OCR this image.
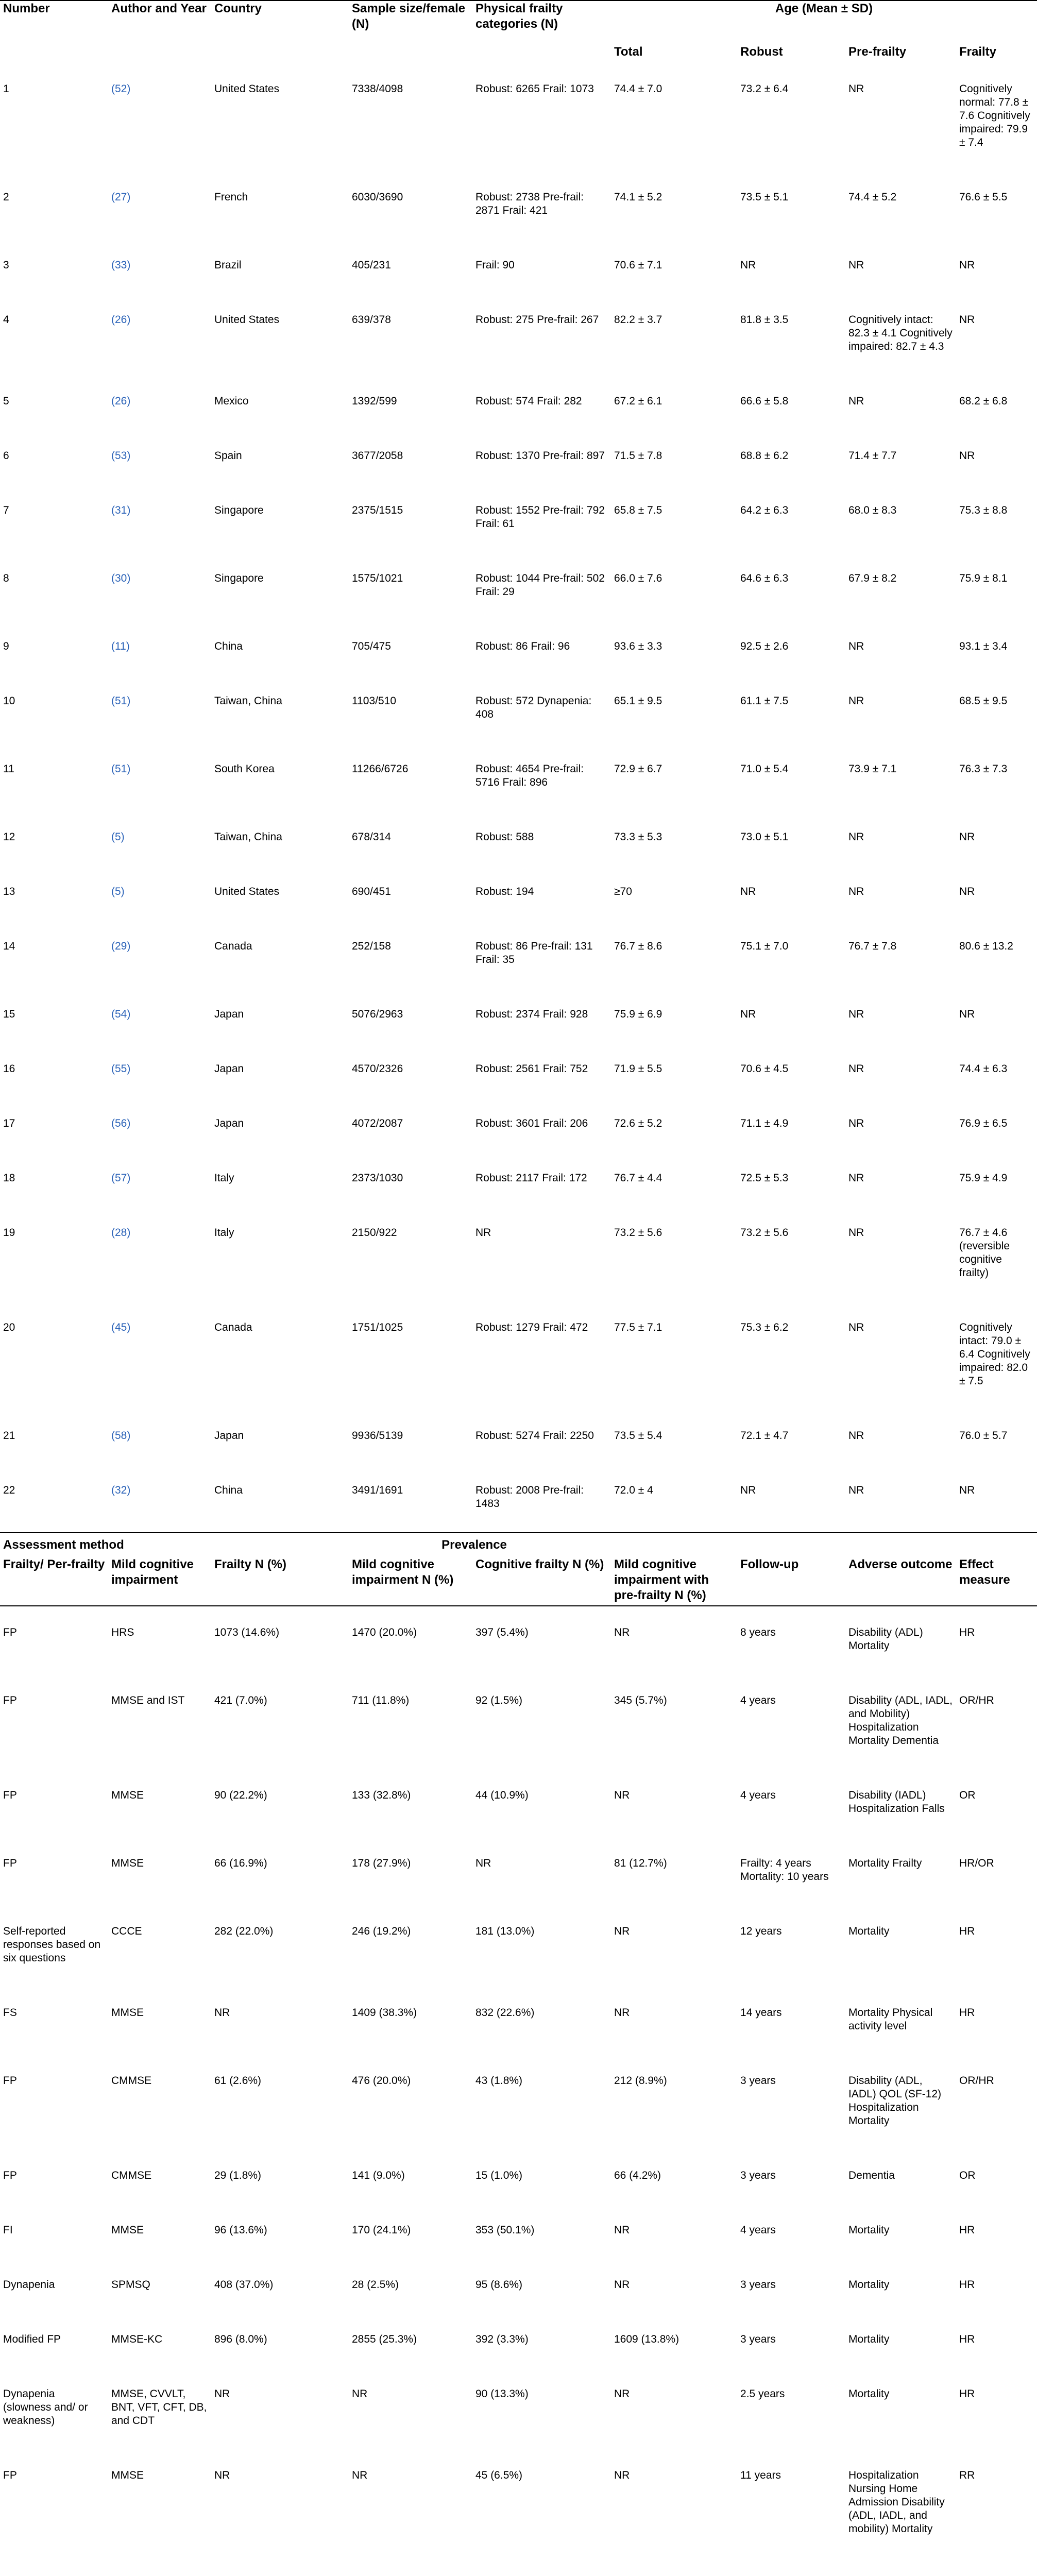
Number	Author and Year	Country	Sample size/female (N)	Physical frailty categories (N)	Age (Mean ± SD)			
					Total	Robust	Pre-frailty	Frailty
1	(52)	United States	7338/4098	Robust: 6265 Frail: 1073	74.4 ± 7.0	73.2 ± 6.4	NR	Cognitively normal: 77.8 ± 7.6 Cognitively impaired: 79.9 ± 7.4
2	(27)	French	6030/3690	Robust: 2738 Pre-frail: 2871 Frail: 421	74.1 ± 5.2	73.5 ± 5.1	74.4 ± 5.2	76.6 ± 5.5
3	(33)	Brazil	405/231	Frail: 90	70.6 ± 7.1	NR	NR	NR
4	(26)	United States	639/378	Robust: 275 Pre-frail: 267	82.2 ± 3.7	81.8 ± 3.5	Cognitively intact: 82.3 ± 4.1 Cognitively impaired: 82.7 ± 4.3	NR
5	(26)	Mexico	1392/599	Robust: 574 Frail: 282	67.2 ± 6.1	66.6 ± 5.8	NR	68.2 ± 6.8
6	(53)	Spain	3677/2058	Robust: 1370 Pre-frail: 897	71.5 ± 7.8	68.8 ± 6.2	71.4 ± 7.7	NR
7	(31)	Singapore	2375/1515	Robust: 1552 Pre-frail: 792 Frail: 61	65.8 ± 7.5	64.2 ± 6.3	68.0 ± 8.3	75.3 ± 8.8
8	(30)	Singapore	1575/1021	Robust: 1044 Pre-frail: 502 Frail: 29	66.0 ± 7.6	64.6 ± 6.3	67.9 ± 8.2	75.9 ± 8.1
9	(11)	China	705/475	Robust: 86 Frail: 96	93.6 ± 3.3	92.5 ± 2.6	NR	93.1 ± 3.4
10	(51)	Taiwan, China	1103/510	Robust: 572 Dynapenia: 408	65.1 ± 9.5	61.1 ± 7.5	NR	68.5 ± 9.5
11	(51)	South Korea	11266/6726	Robust: 4654 Pre-frail: 5716 Frail: 896	72.9 ± 6.7	71.0 ± 5.4	73.9 ± 7.1	76.3 ± 7.3
12	(5)	Taiwan, China	678/314	Robust: 588	73.3 ± 5.3	73.0 ± 5.1	NR	NR
13	(5)	United States	690/451	Robust: 194	≥70	NR	NR	NR
14	(29)	Canada	252/158	Robust: 86 Pre-frail: 131 Frail: 35	76.7 ± 8.6	75.1 ± 7.0	76.7 ± 7.8	80.6 ± 13.2
15	(54)	Japan	5076/2963	Robust: 2374 Frail: 928	75.9 ± 6.9	NR	NR	NR
16	(55)	Japan	4570/2326	Robust: 2561 Frail: 752	71.9 ± 5.5	70.6 ± 4.5	NR	74.4 ± 6.3
17	(56)	Japan	4072/2087	Robust: 3601 Frail: 206	72.6 ± 5.2	71.1 ± 4.9	NR	76.9 ± 6.5
18	(57)	Italy	2373/1030	Robust: 2117 Frail: 172	76.7 ± 4.4	72.5 ± 5.3	NR	75.9 ± 4.9
19	(28)	Italy	2150/922	NR	73.2 ± 5.6	73.2 ± 5.6	NR	76.7 ± 4.6 (reversible cognitive frailty)
20	(45)	Canada	1751/1025	Robust: 1279 Frail: 472	77.5 ± 7.1	75.3 ± 6.2	NR	Cognitively intact: 79.0 ± 6.4 Cognitively impaired: 82.0 ± 7.5
21	(58)	Japan	9936/5139	Robust: 5274 Frail: 2250	73.5 ± 5.4	72.1 ± 4.7	NR	76.0 ± 5.7
22	(32)	China	3491/1691	Robust: 2008 Pre-frail: 1483	72.0 ± 4	NR	NR	NR
Assessment method		Prevalence						
Frailty/ Per-frailty	Mild cognitive impairment	Frailty N (%)	Mild cognitive impairment N (%)	Cognitive frailty N (%)	Mild cognitive impairment with pre-frailty N (%)	Follow-up	Adverse outcome	Effect measure
FP	HRS	1073 (14.6%)	1470 (20.0%)	397 (5.4%)	NR	8 years	Disability (ADL) Mortality	HR
FP	MMSE and IST	421 (7.0%)	711 (11.8%)	92 (1.5%)	345 (5.7%)	4 years	Disability (ADL, IADL, and Mobility) Hospitalization Mortality Dementia	OR/HR
FP	MMSE	90 (22.2%)	133 (32.8%)	44 (10.9%)	NR	4 years	Disability (IADL) Hospitalization Falls	OR
FP	MMSE	66 (16.9%)	178 (27.9%)	NR	81 (12.7%)	Frailty: 4 years Mortality: 10 years	Mortality Frailty	HR/OR
Self-reported responses based on six questions	CCCE	282 (22.0%)	246 (19.2%)	181 (13.0%)	NR	12 years	Mortality	HR
FS	MMSE	NR	1409 (38.3%)	832 (22.6%)	NR	14 years	Mortality Physical activity level	HR
FP	CMMSE	61 (2.6%)	476 (20.0%)	43 (1.8%)	212 (8.9%)	3 years	Disability (ADL, IADL) QOL (SF-12) Hospitalization Mortality	OR/HR
FP	CMMSE	29 (1.8%)	141 (9.0%)	15 (1.0%)	66 (4.2%)	3 years	Dementia	OR
FI	MMSE	96 (13.6%)	170 (24.1%)	353 (50.1%)	NR	4 years	Mortality	HR
Dynapenia	SPMSQ	408 (37.0%)	28 (2.5%)	95 (8.6%)	NR	3 years	Mortality	HR
Modified FP	MMSE-KC	896 (8.0%)	2855 (25.3%)	392 (3.3%)	1609 (13.8%)	3 years	Mortality	HR
Dynapenia (slowness and/ or weakness)	MMSE, CVVLT, BNT, VFT, CFT, DB, and CDT	NR	NR	90 (13.3%)	NR	2.5 years	Mortality	HR
FP	MMSE	NR	NR	45 (6.5%)	NR	11 years	Hospitalization Nursing Home Admission Disability (ADL, IADL, and mobility) Mortality	RR
